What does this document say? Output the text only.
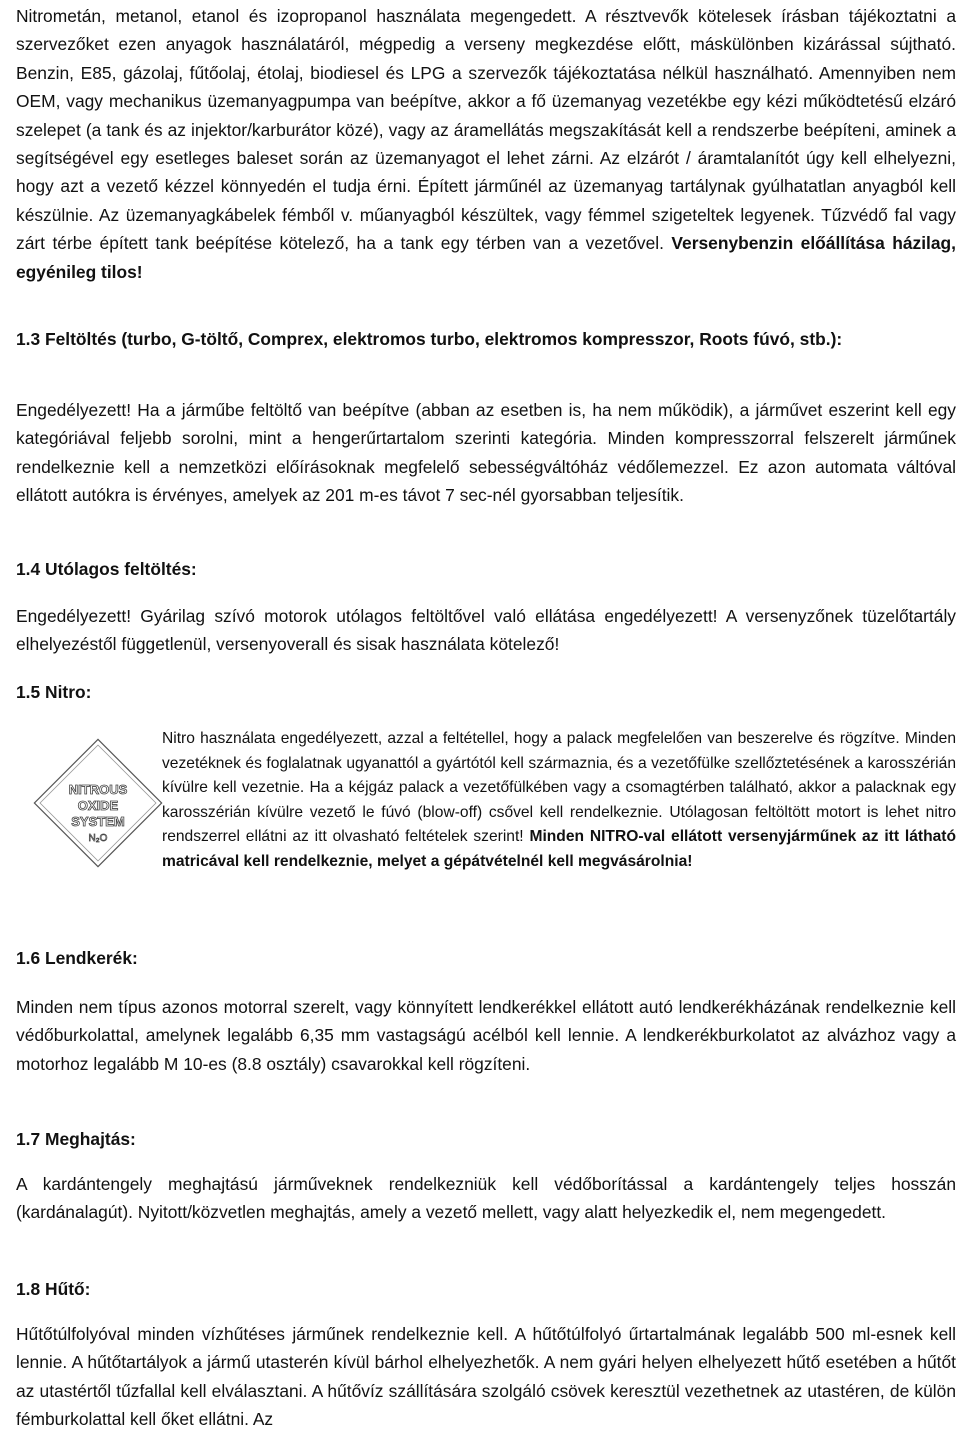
Nitrometán, metanol, etanol és izopropanol használata megengedett. A résztvevők kötelesek írásban tájékoztatni a szervezőket ezen anyagok használatáról, mégpedig a verseny megkezdése előtt, máskülönben kizárással sújtható. Benzin, E85, gázolaj, fűtőolaj, étolaj, biodiesel és LPG a szervezők tájékoztatása nélkül használható. Amennyiben nem OEM, vagy mechanikus üzemanyagpumpa van beépítve, akkor a fő üzemanyag vezetékbe egy kézi működtetésű elzáró szelepet (a tank és az injektor/karburátor közé), vagy az áramellátás megszakítását kell a rendszerbe beépíteni, aminek a segítségével egy esetleges baleset során az üzemanyagot el lehet zárni. Az elzárót / áramtalanítót úgy kell elhelyezni, hogy azt a vezető kézzel könnyedén el tudja érni. Épített járműnél az üzemanyag tartálynak gyúlhatatlan anyagból kell készülnie. Az üzemanyagkábelek fémből v. műanyagból készültek, vagy fémmel szigeteltek legyenek. Tűzvédő fal vagy zárt térbe épített tank beépítése kötelező, ha a tank egy térben van a vezetővel. Versenybenzin előállítása házilag, egyénileg tilos!

1.3 Feltöltés (turbo, G-töltő, Comprex, elektromos turbo, elektromos kompresszor, Roots fúvó, stb.):

Engedélyezett! Ha a járműbe feltöltő van beépítve (abban az esetben is, ha nem működik), a járművet eszerint kell egy kategóriával feljebb sorolni, mint a hengerűrtartalom szerinti kategória. Minden kompresszorral felszerelt járműnek rendelkeznie kell a nemzetközi előírásoknak megfelelő sebességváltóház védőlemezzel. Ez azon automata váltóval ellátott autókra is érvényes, amelyek az 201 m-es távot 7 sec-nél gyorsabban teljesítik.

1.4 Utólagos feltöltés:

Engedélyezett! Gyárilag szívó motorok utólagos feltöltővel való ellátása engedélyezett! A versenyzőnek tüzelőtartály elhelyezéstől függetlenül, versenyoverall és sisak használata kötelező!

1.5 Nitro:
NITROUS
OXIDE
SYSTEM
N₂O

Nitro használata engedélyezett, azzal a feltétellel, hogy a palack megfelelően van beszerelve és rögzítve. Minden vezetéknek és foglalatnak ugyanattól a gyártótól kell származnia, és a vezetőfülke szellőztetésének a karosszérián kívülre kell vezetnie. Ha a kéjgáz palack a vezetőfülkében vagy a csomagtérben található, akkor a palacknak egy karosszérián kívülre vezető le fúvó (blow-off) csővel kell rendelkeznie. Utólagosan feltöltött motort is lehet nitro rendszerrel ellátni az itt olvasható feltételek szerint! Minden NITRO-val ellátott versenyjárműnek az itt látható matricával kell rendelkeznie, melyet a gépátvételnél kell megvásárolnia!

1.6 Lendkerék:

Minden nem típus azonos motorral szerelt, vagy könnyített lendkerékkel ellátott autó lendkerékházának rendelkeznie kell védőburkolattal, amelynek legalább 6,35 mm vastagságú acélból kell lennie. A lendkerékburkolatot az alvázhoz vagy a motorhoz legalább M 10-es (8.8 osztály) csavarokkal kell rögzíteni.

1.7 Meghajtás:

A kardántengely meghajtású járműveknek rendelkezniük kell védőborítással a kardántengely teljes hosszán (kardánalagút). Nyitott/közvetlen meghajtás, amely a vezető mellett, vagy alatt helyezkedik el, nem megengedett.

1.8 Hűtő:

Hűtőtúlfolyóval minden vízhűtéses járműnek rendelkeznie kell. A hűtőtúlfolyó űrtartalmának legalább 500 ml-esnek kell lennie. A hűtőtartályok a jármű utasterén kívül bárhol elhelyezhetők. A nem gyári helyen elhelyezett hűtő esetében a hűtőt az utastértől tűzfallal kell elválasztani. A hűtővíz szállítására szolgáló csövek keresztül vezethetnek az utastéren, de külön fémburkolattal kell őket ellátni. Az
